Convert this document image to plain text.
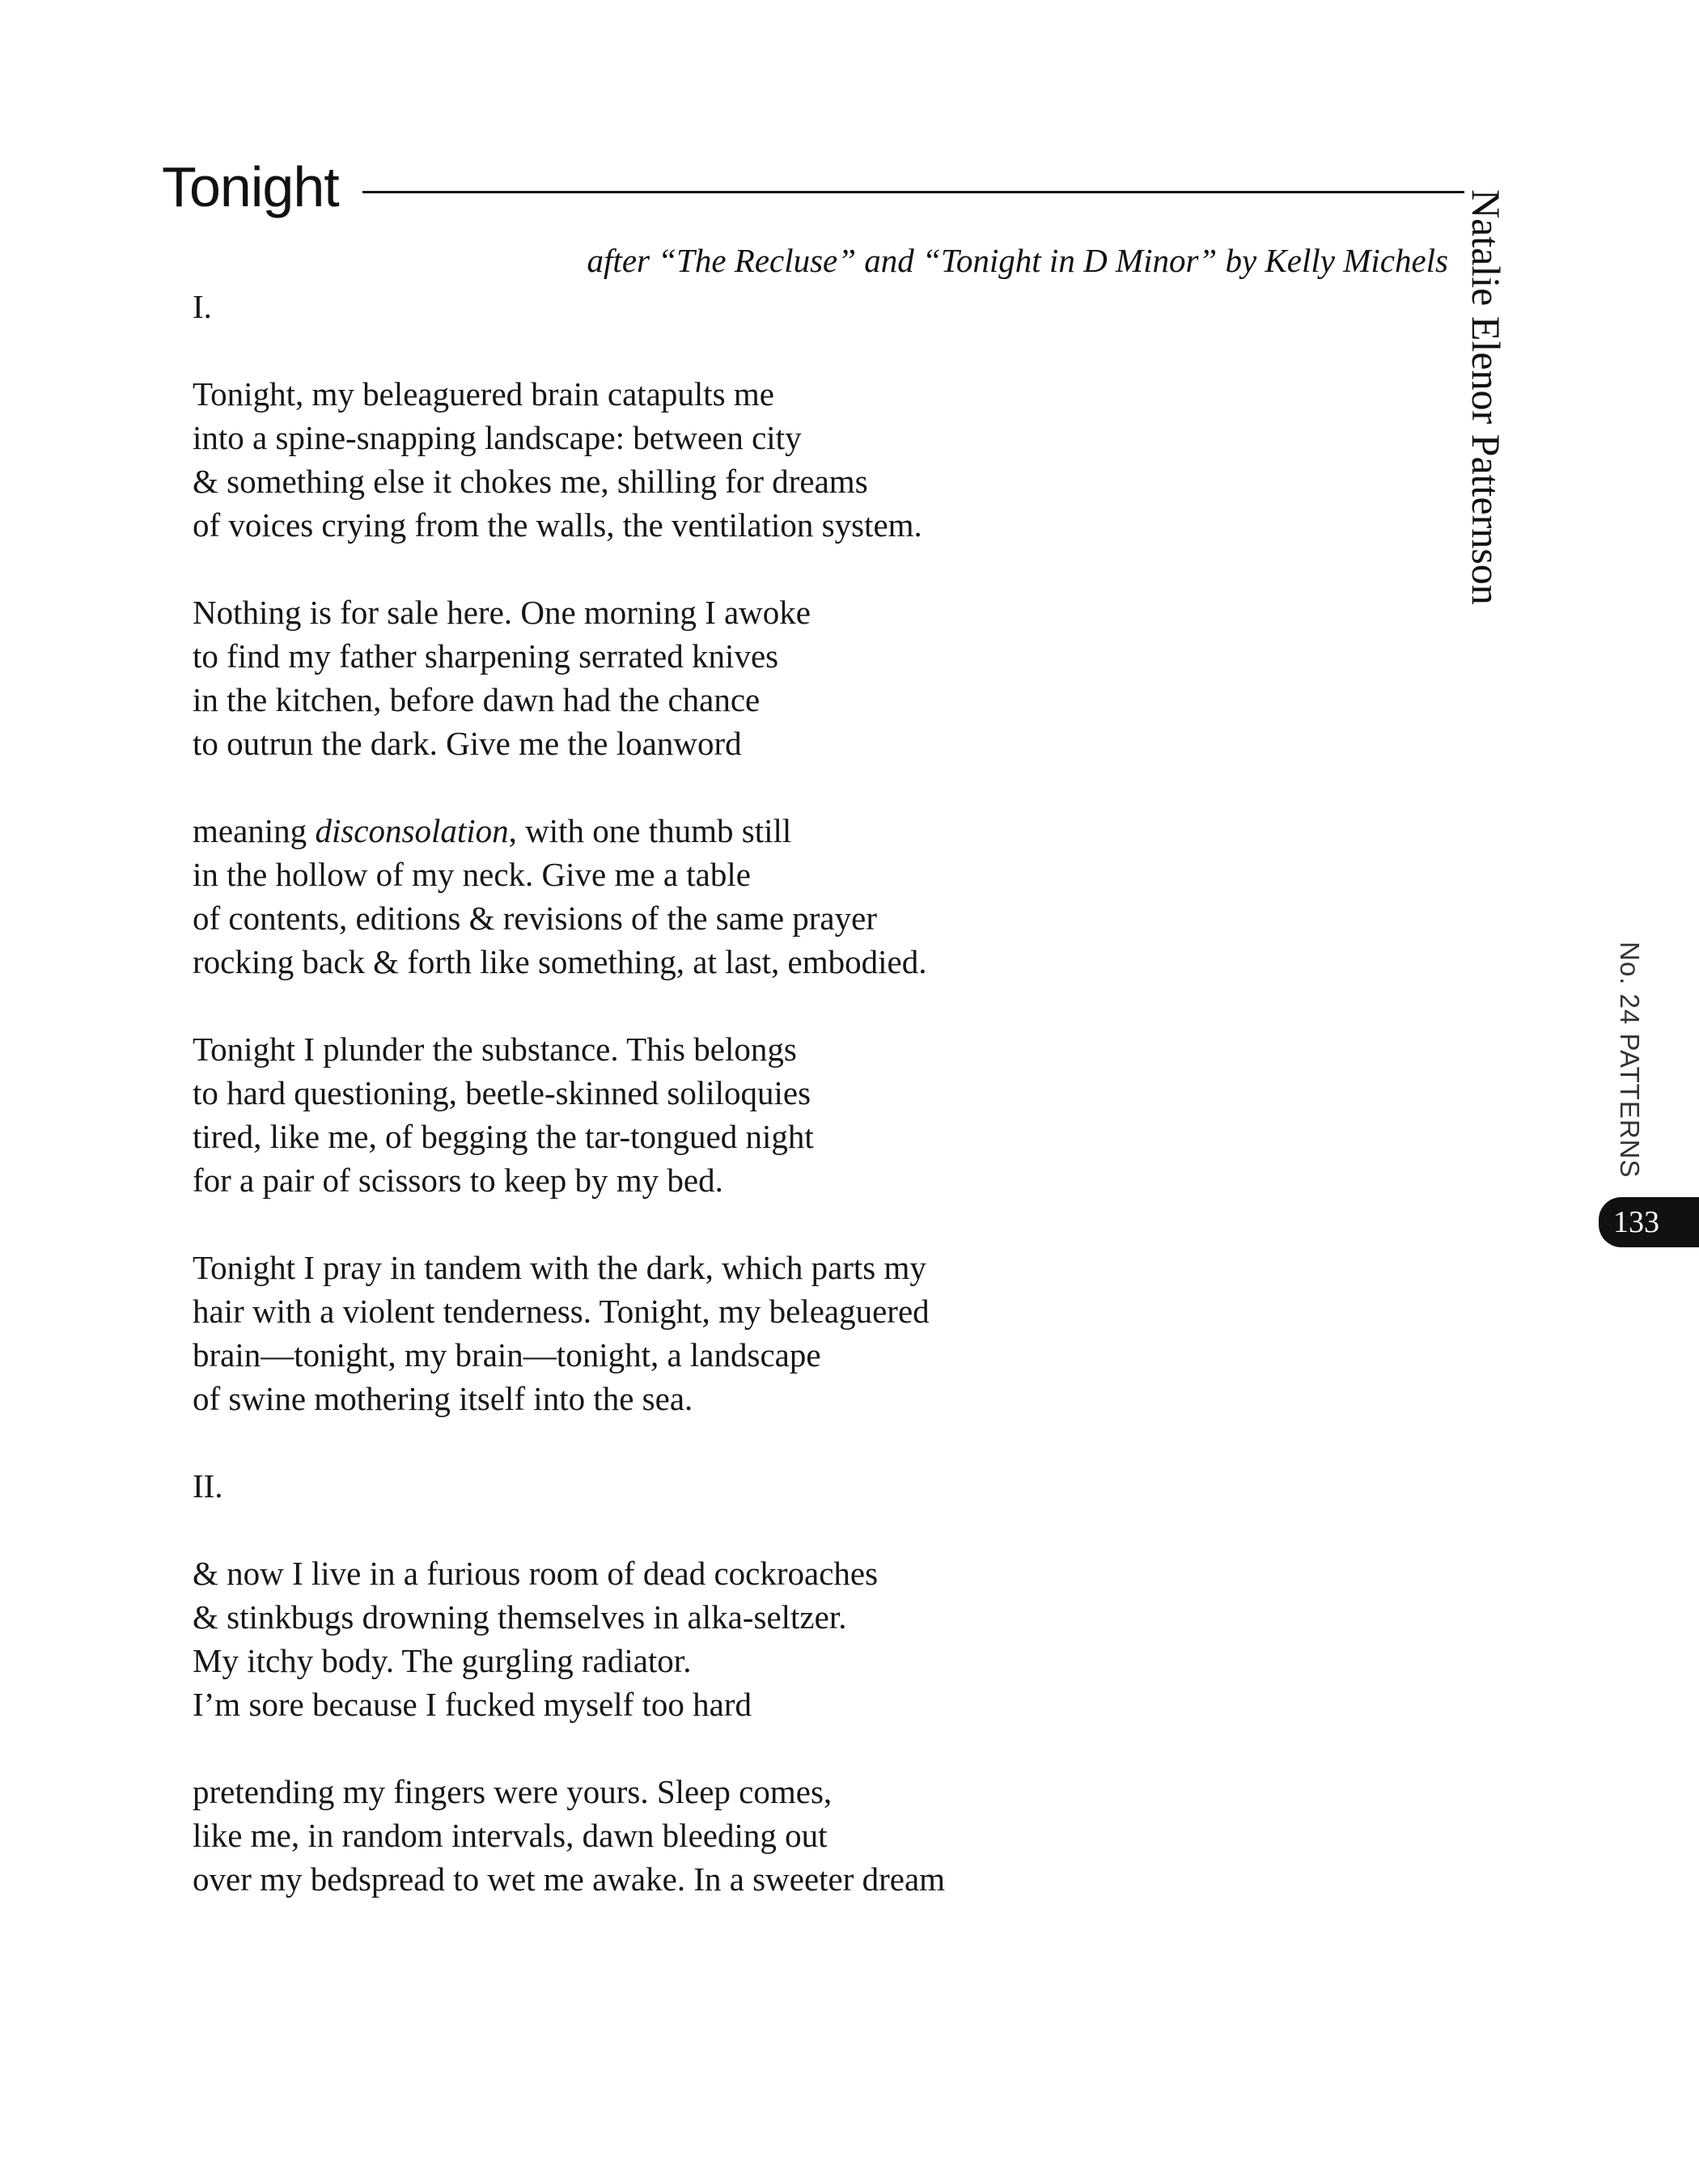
Tonight
after “The Recluse” and “Tonight in D Minor” by Kelly Michels Natalie Elenor Patternson

I.

Tonight, my beleaguered brain catapults me

into a spine-snapping landscape: between city

& something else it chokes me, shilling for dreams

of voices crying from the walls, the ventilation system.

Nothing is for sale here. One morning I awoke

to find my father sharpening serrated knives

in the kitchen, before dawn had the chance

to outrun the dark. Give me the loanword

meaning disconsolation, with one thumb still

in the hollow of my neck. Give me a table

of contents, editions & revisions of the same prayer

rocking back & forth like something, at last, embodied.

Tonight I plunder the substance. This belongs

to hard questioning, beetle-skinned soliloquies

tired, like me, of begging the tar-tongued night

for a pair of scissors to keep by my bed.

Tonight I pray in tandem with the dark, which parts my

hair with a violent tenderness. Tonight, my beleaguered

brain—tonight, my brain—tonight, a landscape

of swine mothering itself into the sea.

II.

& now I live in a furious room of dead cockroaches

& stinkbugs drowning themselves in alka-seltzer.

My itchy body. The gurgling radiator.

I’m sore because I fucked myself too hard

pretending my fingers were yours. Sleep comes,

like me, in random intervals, dawn bleeding out

over my bedspread to wet me awake. In a sweeter dream

No. 24 PATTERNS
133
